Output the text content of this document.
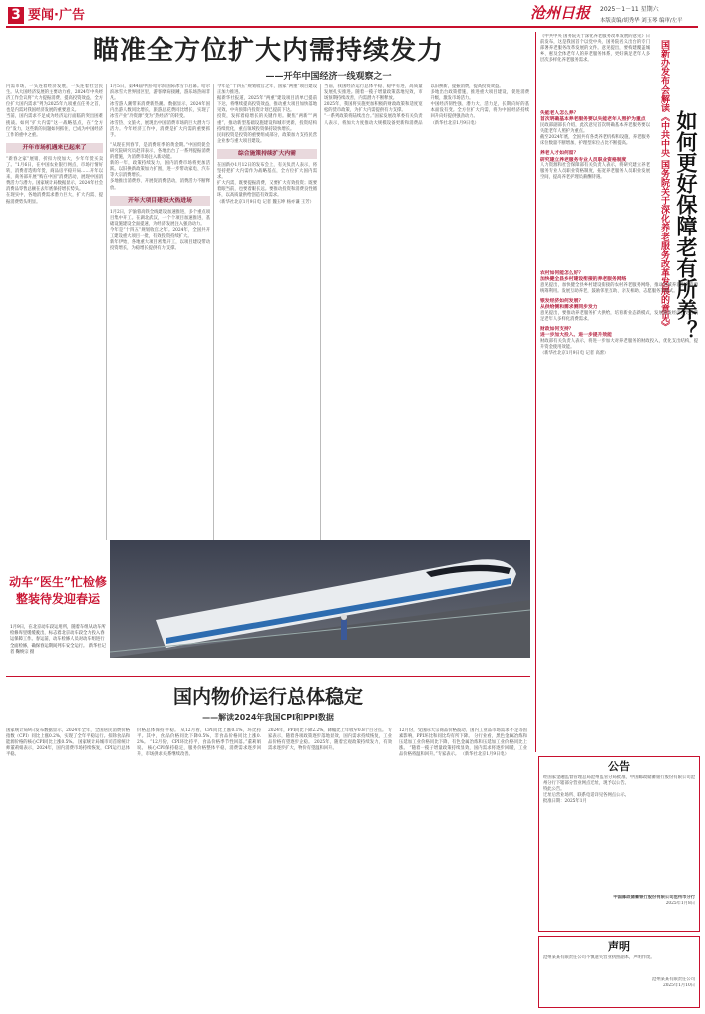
3 要闻·广告	沧州日报 2025－1－11 星期六
本版责编/胡秀华 刘玉琴 编审/左平
瞄准全方位扩大内需持续发力
——开年中国经济一线观察之一
内需市场，一头连着经济发展，一头连着社会民生。从大国经济发展的主要动力看，2024年中央经济工作会议将“大力提振消费、提高投资效益，全方位扩大国内需求”列为2025年九项重点任务之首，也是内需对我国经济发展的重要意义。
当前，国内需求不足成为经济运行面临的突出困难挑战。如何“扩大内需”这一战略基点，在“全方位”发力，这些新的问题如何抓住，已成为中国经济工作的重中之重。
开年市场机遇来已起来了
“新春之家”展销、折扣力度加大，少年年货买卖了。“1月6日，在中国农业银行网点，市场行情好转，消费者选购年货，商品房平稳开局……开年以来，商务部开展“购在中国”消费活动，展现中国消费活力与潜力。国家统计局数据显示，2024年社会消费品零售总额在去年底保持增长势头。
在现实中，各地消费需求潜力巨大，扩大内需、提振消费势头明显。
1月5日，第44届中国·哈尔滨国际冰雪节启幕。哈尔滨冰雪大世界园区里，游客摩肩接踵，游乐场热闹非凡。
冰雪游人潮带来消费新热潮。数据显示，2024年国内出游人数同比增长，旅游总花费同比增长，实现了冰雪产业“冷资源”变为“热经济”的转变。
冰雪热、文旅火，展现出中国消费市场的巨大潜力与活力。今年经济工作中，消费是扩大内需的重要抓手。
“从现在到春节，是消费旺季的黄金期。”中国贸促会研究院研究员赵萍表示，各地出台了一系列提振消费的措施，为消费市场注入新动能。
新的一年，政策持续发力，国内消费市场将更加活跃。以旧换新政策加力扩围，进一步带动家电、汽车等大宗消费增长。
多地推出消费券、开展促消费活动，消费活力不断释放。
开年大项目建设火热进场
1月2日，沪渝蓉高铁全线建设加速推进，多个重点项目集中开工。在湖北武汉，一个个项目加速推进，基础设施建设全面提速，为经济发展注入强劲动力。
今年是“十四五”规划收官之年。2024年，全国共开工建设重大项目一批，有效投资持续扩大。
新年伊始，各地重大项目密集开工，以项目建设带动投资增长，为稳增长提供有力支撑。
今年是“十四五”规划收官之年，国家“两重”项目建设正加力推进。
据新华社报道，2025年“两重”建设项目清单已提前下达，将继续提高投资效益，推动重大项目加快落地见效。中央预算内投资计划已提前下达。
投资，发挥着稳增长的关键作用。聚焦“两新”“两重”，推动新型基础设施建设和城市更新，投资结构持续优化，重点领域投资保持较快增长。
民间投资是投资的重要组成部分，政策加力支持民营企业参与重大项目建设。
综合施策持续扩大内需
在国新办1月12日的发布会上，有关负责人表示，将坚持把扩大内需作为战略基点，全方位扩大国内需求。
扩大内需，既要提振消费，又要扩大有效投资；既要着眼当前，也要着眼长远。要推动投资和消费良性循环，以高质量供给创造有效需求。
（新华社北京1月9日电 记者 魏玉坤 杨亦谦 王芳）
当前，我国经济运行总体平稳、稳中有进，高质量发展扎实推进。随着一揽子增量政策落地见效，市场预期持续改善，内需潜力不断释放。
2025年，我国将实施更加积极的财政政策和适度宽松的货币政策，为扩大内需提供有力支撑。
“一系列政策将陆续出台。”国家发展改革委有关负责人表示，将加大力度推动大规模设备更新和消费品以旧换新，提振消费，提高投资效益。
多地出台政策措施，推进重大项目建设，促进消费升级，激发市场活力。
中国经济韧性强、潜力大、活力足，长期向好的基本面没有变。全方位扩大内需，将为中国经济持续回升向好提供强劲动力。
（新华社北京1月9日电）
动车“医生”忙检修
整装待发迎春运
1月9日，在北京动车段运用所，随着车组从动车所检修库里缓缓驶出，标志着北京动车段全力投入春运保障工作。春运前，动车检修人员对动车组进行全面检修，确保春运期间列车安全运行。 新华社记者 鞠焕宗 摄
国内物价运行总体稳定
——解读2024年我国CPI和PPI数据
国家统计局9日发布数据显示，2024年全年，全国居民消费价格指数（CPI）同比上涨0.2%，实现了全年平稳运行。扣除食品和能源价格的核心CPI同比上涨0.5%。 国家统计局城市司首席统计师董莉娟表示，2024年，国内消费市场持续恢复，CPI运行总体平稳。
价格总体保持平稳。 从12月看，CPI同比上涨0.1%，环比持平。其中，食品价格同比下降0.5%，非食品价格同比上涨0.2%。 “12月份，CPI环比持平，食品价格季节性回落。”董莉娟说。 核心CPI保持稳定，服务价格整体平稳，消费需求逐步回升，市场供求关系继续改善。
2024年，PPI同比下降2.2%，降幅比上年收窄0.8个百分点。 专家表示，随着各项政策逐步落地显效，国内需求持续恢复，工业品价格有望逐步企稳。 2025年，随着宏观政策持续发力，有效需求逐步扩大，物价有望温和回升。
12月份，受国际大宗商品价格波动、国内工业品市场需求不足等因素影响，PPI环比和同比均有所下降。 分行业看，黑色金属冶炼和压延加工业价格同比下降，有色金属冶炼和压延加工业价格同比上涨。 “随着一揽子增量政策持续显效，国内需求将逐步回暖，工业品价格将温和回升。”专家表示。 （新华社北京1月9日电）
《中共中央 国务院关于深化养老服务改革发展的意见》日前发布，这是我国首个以党中央、国务院名义出台的专门部署养老服务改革发展的文件。意见提出，要构建覆盖城乡、惠及全体老年人的养老服务体系，更好满足老年人多层次多样化养老服务需求。	国新办发布会解读《中共中央 国务院关于深化养老服务改革发展的意见》 如何更好保障老有所养？
失能老人怎么养？
首次明确基本养老服务要以失能老年人照护为重点
民政部副部长介绍，此次意见首次明确基本养老服务要以失能老年人照护为重点。
截至2024年底，全国共有各类养老机构和设施，养老服务床位数量不断增加，护理型床位占比不断提高。
养老人才如何留？
研究建立养老服务专业人员职业资格制度
人力资源和社会保障部有关负责人表示，将研究建立养老服务专业人员职业资格制度，拓宽养老服务人员职业发展空间，提高养老护理员薪酬待遇。
农村如何能怎么好？
加快健全县乡村建设衔接的养老服务网络
意见提出，加快健全县乡村建设衔接的农村养老服务网络，推动县域养老服务资源统筹利用。发展互助养老，鼓励邻里互助、亲友相助、志愿服务等模式。
银发经济如何发展？
从供给侧和需求侧同步发力
意见提出，要推动养老服务扩大供给，培育新业态新模式，发展银发经济，更好满足老年人多样化消费需求。
财政如何支持？
进一步加大投入、进一步提升效能
财政部有关负责人表示，将进一步加大对养老服务的财政投入，优化支出结构，提升资金使用效能。
（新华社北京1月9日电 记者 高蕾）
公告
经国家金融监督管理总局沧州监管分局批准，中国邮政储蓄银行股份有限公司沧州分行下辖部分营业网点迁址，现予以公告。
特此公告。
迁址后营业场所、联系电话详见各网点公示。
批准日期：2025年1月
中国邮政储蓄银行股份有限公司沧州市分行
2025年1月8日
声明
沧州某某有限责任公司不慎遗失营业执照副本，声明作废。
沧州某某有限责任公司
2025年1月10日
